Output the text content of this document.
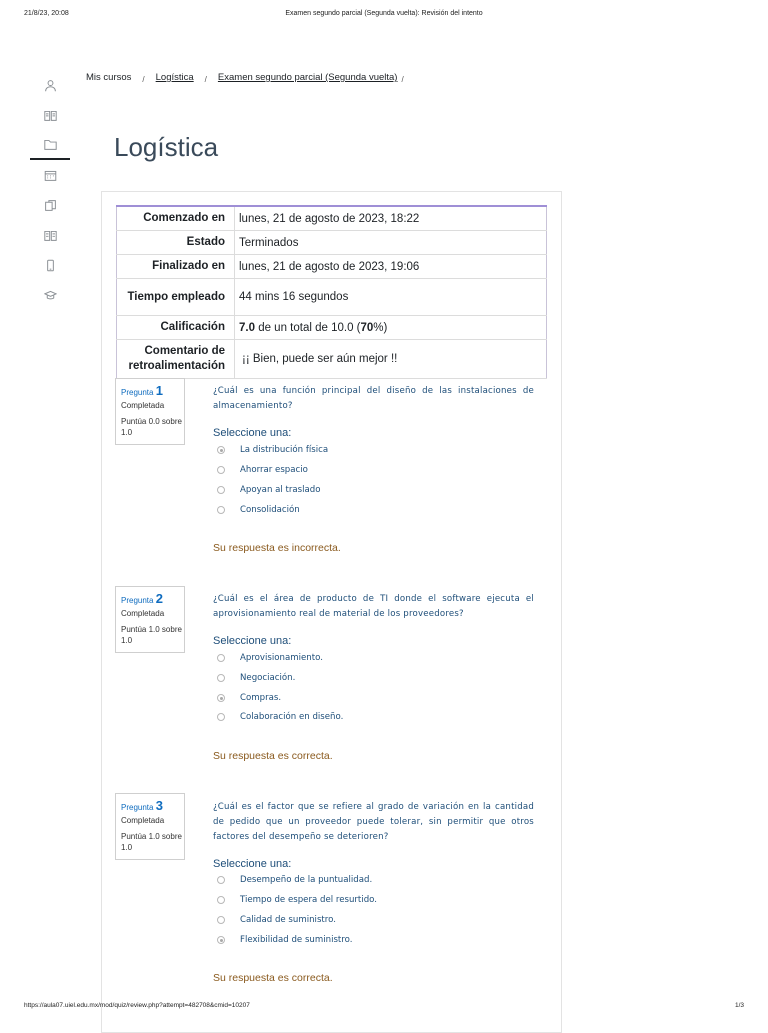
21/8/23, 20:08	Examen segundo parcial (Segunda vuelta): Revisión del intento
Mis cursos / Logística / Examen segundo parcial (Segunda vuelta) /
Logística
Comenzado en	lunes, 21 de agosto de 2023, 18:22
Estado	Terminados
Finalizado en	lunes, 21 de agosto de 2023, 19:06
Tiempo empleado	44 mins 16 segundos
Calificación	7.0 de un total de 10.0 (70%)
Comentario de retroalimentación	¡¡ Bien, puede ser aún mejor !!
Pregunta 1
Completada
Puntúa 0.0 sobre 1.0
¿Cuál es una función principal del diseño de las instalaciones de almacenamiento?
Seleccione una:
La distribución física
Ahorrar espacio
Apoyan al traslado
Consolidación
Su respuesta es incorrecta.
Pregunta 2
Completada
Puntúa 1.0 sobre 1.0
¿Cuál es el área de producto de TI donde el software ejecuta el aprovisionamiento real de material de los proveedores?
Seleccione una:
Aprovisionamiento.
Negociación.
Compras.
Colaboración en diseño.
Su respuesta es correcta.
Pregunta 3
Completada
Puntúa 1.0 sobre 1.0
¿Cuál es el factor que se refiere al grado de variación en la cantidad de pedido que un proveedor puede tolerar, sin permitir que otros factores del desempeño se deterioren?
Seleccione una:
Desempeño de la puntualidad.
Tiempo de espera del resurtido.
Calidad de suministro.
Flexibilidad de suministro.
Su respuesta es correcta.
https://aula07.uiel.edu.mx/mod/quiz/review.php?attempt=482708&cmid=10207	1/3
